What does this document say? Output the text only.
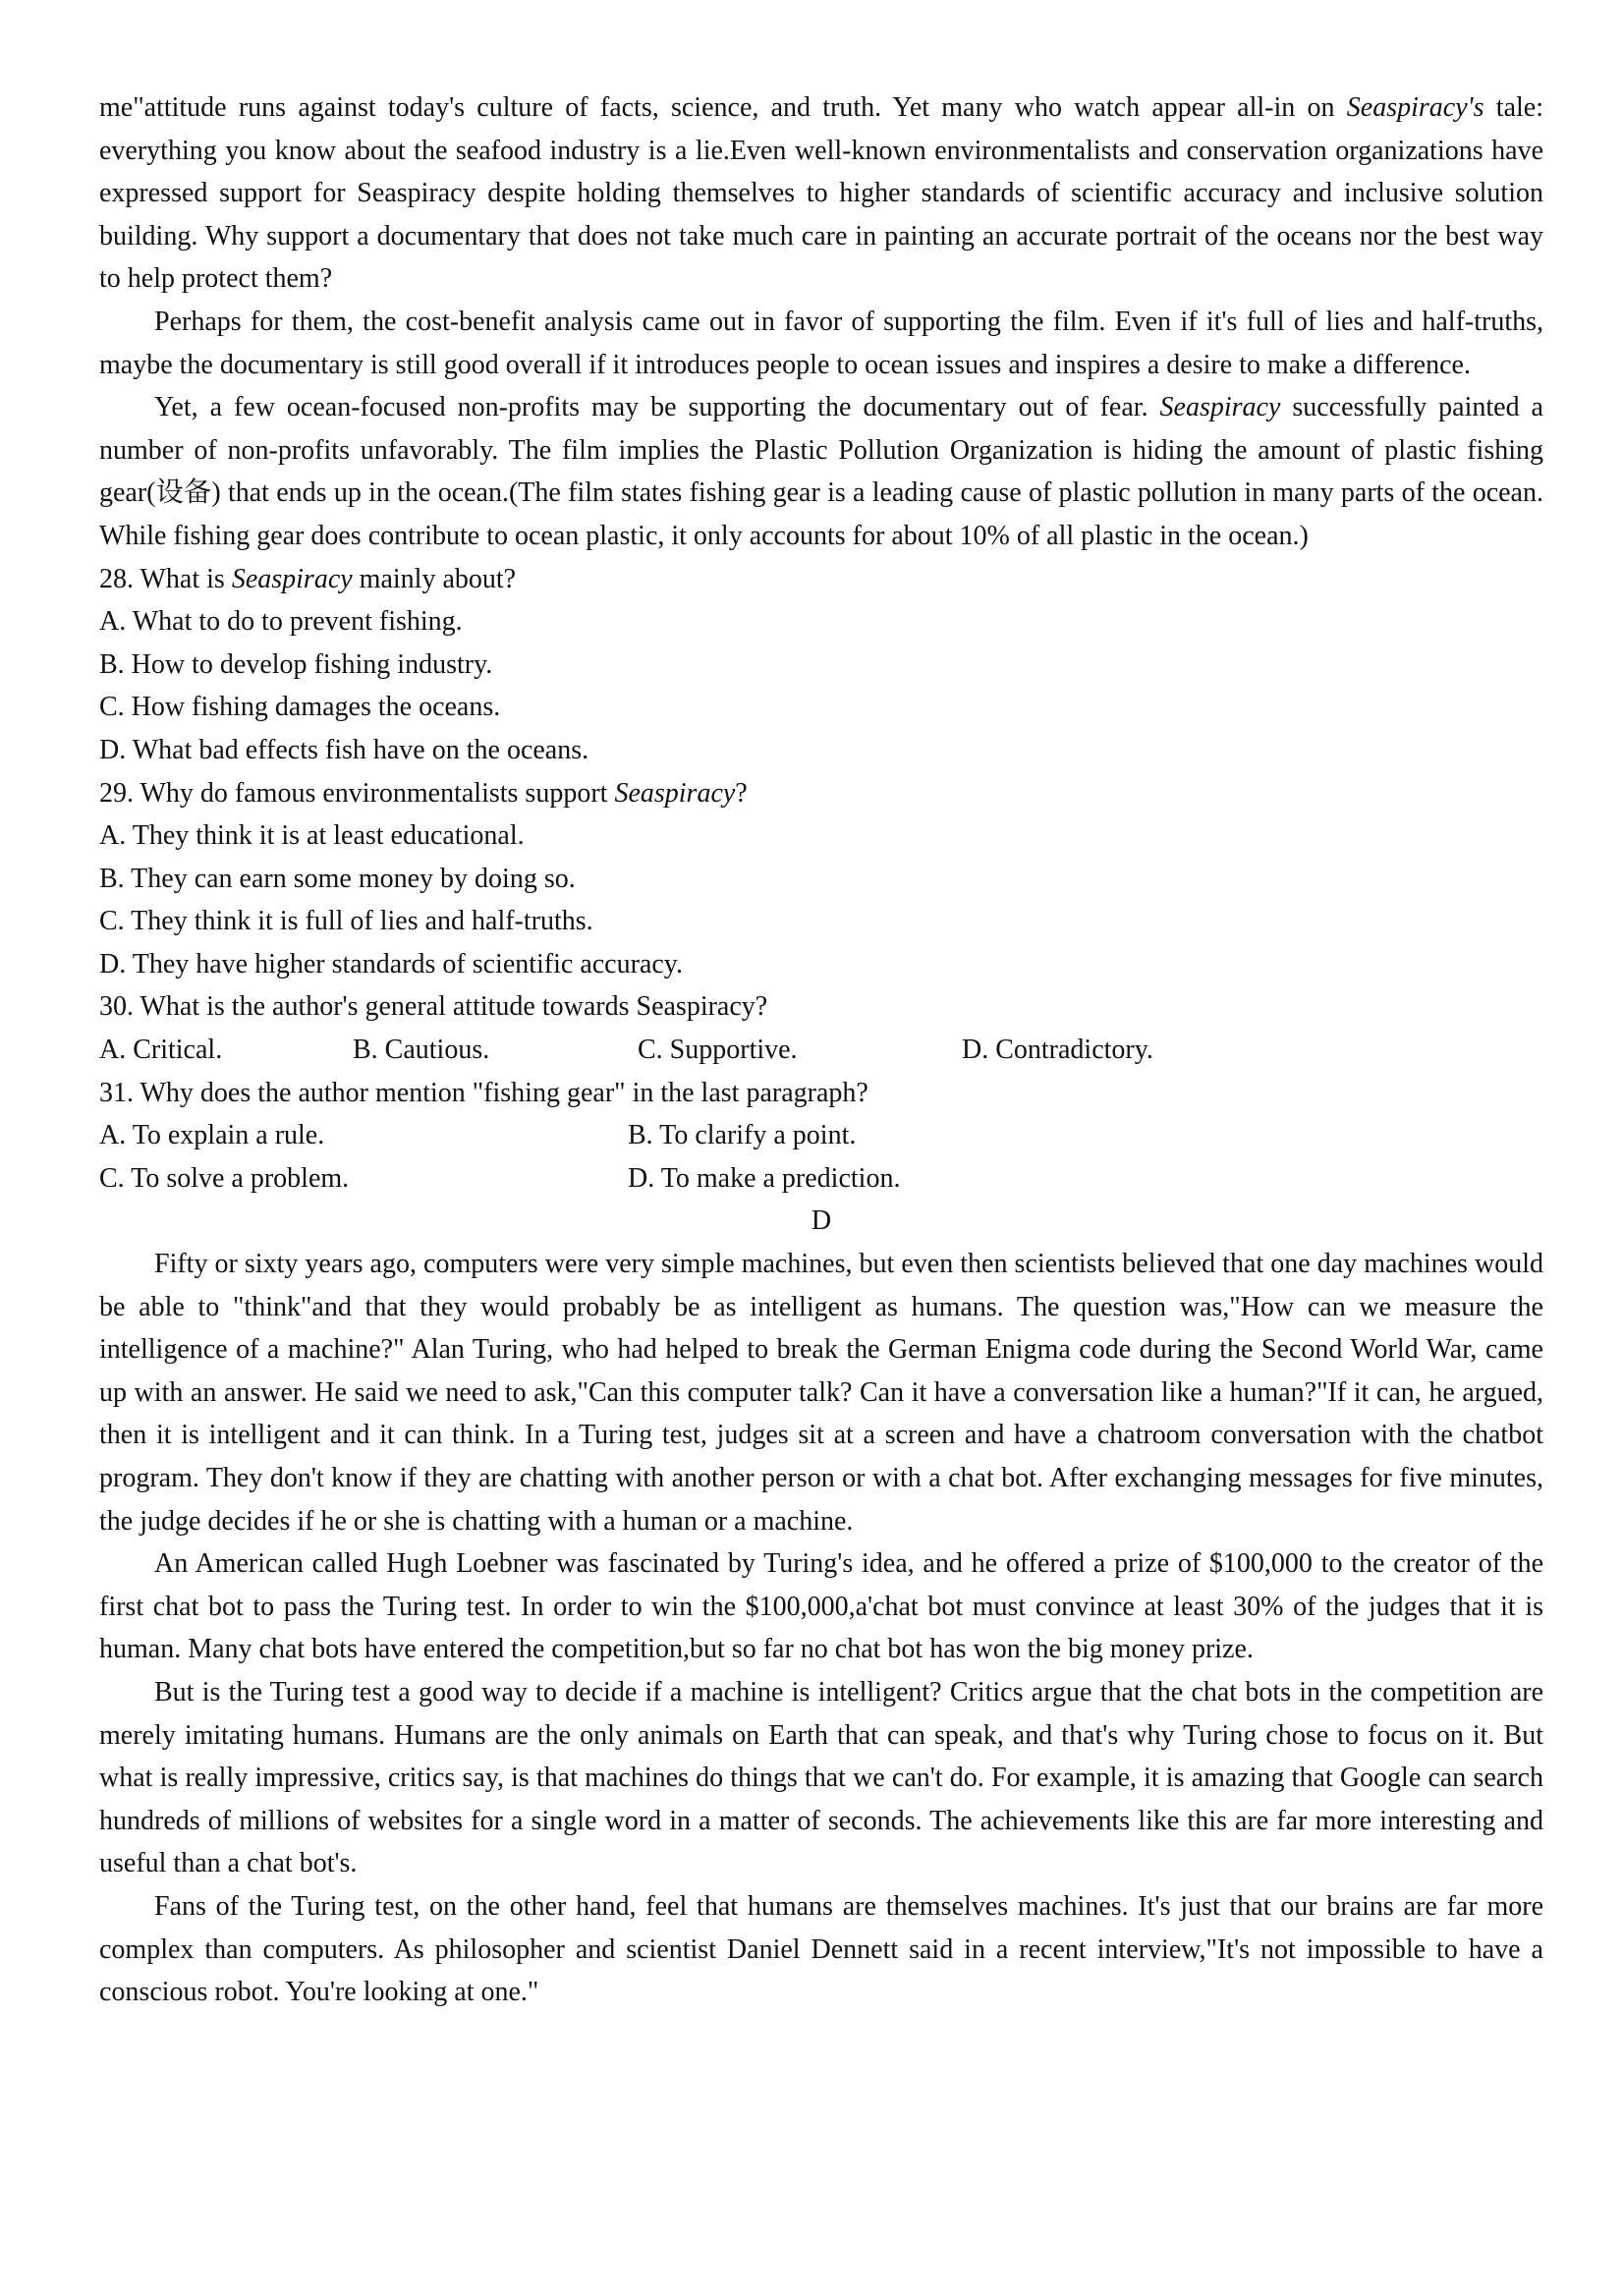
me"attitude runs against today's culture of facts, science, and truth. Yet many who watch appear all-in on Seaspiracy's tale: everything you know about the seafood industry is a lie.Even well-known environmentalists and conservation organizations have expressed support for Seaspiracy despite holding themselves to higher standards of scientific accuracy and inclusive solution building. Why support a documentary that does not take much care in painting an accurate portrait of the oceans nor the best way to help protect them?

Perhaps for them, the cost-benefit analysis came out in favor of supporting the film. Even if it's full of lies and half-truths, maybe the documentary is still good overall if it introduces people to ocean issues and inspires a desire to make a difference.

Yet, a few ocean-focused non-profits may be supporting the documentary out of fear. Seaspiracy successfully painted a number of non-profits unfavorably. The film implies the Plastic Pollution Organization is hiding the amount of plastic fishing gear(设备) that ends up in the ocean.(The film states fishing gear is a leading cause of plastic pollution in many parts of the ocean. While fishing gear does contribute to ocean plastic, it only accounts for about 10% of all plastic in the ocean.)

28. What is Seaspiracy mainly about?

A. What to do to prevent fishing.

B. How to develop fishing industry.

C. How fishing damages the oceans.

D. What bad effects fish have on the oceans.

29. Why do famous environmentalists support Seaspiracy?

A. They think it is at least educational.

B. They can earn some money by doing so.

C. They think it is full of lies and half-truths.

D. They have higher standards of scientific accuracy.

30. What is the author's general attitude towards Seaspiracy?

A. Critical.	B. Cautious.	C. Supportive.	D. Contradictory.

31. Why does the author mention "fishing gear" in the last paragraph?

A. To explain a rule.	B. To clarify a point.
C. To solve a problem.	D. To make a prediction.

D

Fifty or sixty years ago, computers were very simple machines, but even then scientists believed that one day machines would be able to "think"and that they would probably be as intelligent as humans. The question was,"How can we measure the intelligence of a machine?" Alan Turing, who had helped to break the German Enigma code during the Second World War, came up with an answer. He said we need to ask,"Can this computer talk? Can it have a conversation like a human?"If it can, he argued, then it is intelligent and it can think. In a Turing test, judges sit at a screen and have a chatroom conversation with the chatbot program. They don't know if they are chatting with another person or with a chat bot. After exchanging messages for five minutes, the judge decides if he or she is chatting with a human or a machine.

An American called Hugh Loebner was fascinated by Turing's idea, and he offered a prize of $100,000 to the creator of the first chat bot to pass the Turing test. In order to win the $100,000,a'chat bot must convince at least 30% of the judges that it is human. Many chat bots have entered the competition,but so far no chat bot has won the big money prize.

But is the Turing test a good way to decide if a machine is intelligent? Critics argue that the chat bots in the competition are merely imitating humans. Humans are the only animals on Earth that can speak, and that's why Turing chose to focus on it. But what is really impressive, critics say, is that machines do things that we can't do. For example, it is amazing that Google can search hundreds of millions of websites for a single word in a matter of seconds. The achievements like this are far more interesting and useful than a chat bot's.

Fans of the Turing test, on the other hand, feel that humans are themselves machines. It's just that our brains are far more complex than computers. As philosopher and scientist Daniel Dennett said in a recent interview,"It's not impossible to have a conscious robot. You're looking at one."
